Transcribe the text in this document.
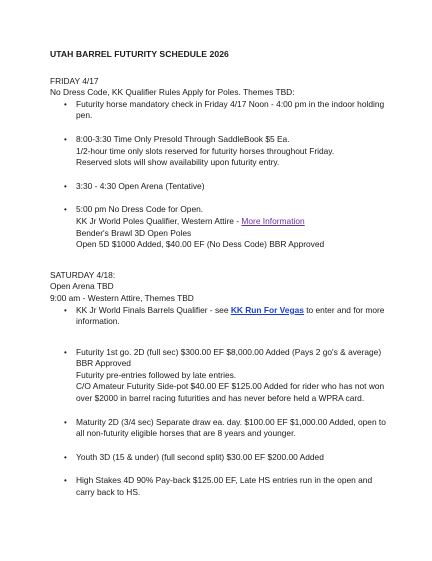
UTAH BARREL FUTURITY SCHEDULE 2026

FRIDAY 4/17

No Dress Code, KK Qualifier Rules Apply for Poles. Themes TBD:

• Futurity horse mandatory check in Friday 4/17 Noon - 4:00 pm in the indoor holding
pen.
• 8:00-3:30 Time Only Presold Through SaddleBook $5 Ea.
1/2-hour time only slots reserved for futurity horses throughout Friday.
Reserved slots will show availability upon futurity entry.
• 3:30 - 4:30 Open Arena (Tentative)
• 5:00 pm No Dress Code for Open.
KK Jr World Poles Qualifier, Western Attire - More Information
Bender's Brawl 3D Open Poles
Open 5D $1000 Added, $40.00 EF (No Dess Code) BBR Approved

SATURDAY 4/18:

Open Arena TBD

9:00 am - Western Attire, Themes TBD

• KK Jr World Finals Barrels Qualifier - see KK Run For Vegas to enter and for more
information.
• Futurity 1st go. 2D (full sec) $300.00 EF $8,000.00 Added (Pays 2 go's & average)
BBR Approved
Futurity pre-entries followed by late entries.
C/O Amateur Futurity Side-pot $40.00 EF $125.00 Added for rider who has not won
over $2000 in barrel racing futurities and has never before held a WPRA card.
• Maturity 2D (3/4 sec) Separate draw ea. day. $100.00 EF $1,000.00 Added, open to
all non-futurity eligible horses that are 8 years and younger.
• Youth 3D (15 & under) (full second split) $30.00 EF $200.00 Added
• High Stakes 4D 90% Pay-back $125.00 EF, Late HS entries run in the open and
carry back to HS.
